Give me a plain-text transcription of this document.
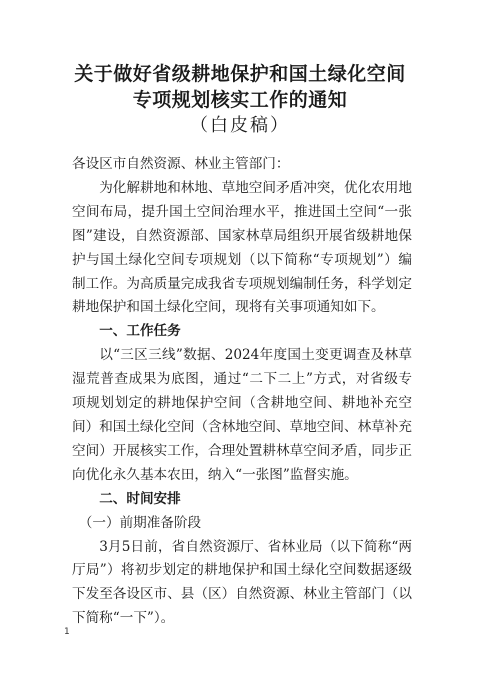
关于做好省级耕地保护和国土绿化空间
专项规划核实工作的通知
（白皮稿）

各设区市自然资源、林业主管部门：

为化解耕地和林地、草地空间矛盾冲突，优化农用地空间布局，提升国土空间治理水平，推进国土空间“一张图”建设，自然资源部、国家林草局组织开展省级耕地保护与国土绿化空间专项规划（以下简称“专项规划”）编制工作。为高质量完成我省专项规划编制任务，科学划定耕地保护和国土绿化空间，现将有关事项通知如下。

一、工作任务

以“三区三线”数据、2024年度国土变更调查及林草湿荒普查成果为底图，通过“二下二上”方式，对省级专项规划划定的耕地保护空间（含耕地空间、耕地补充空间）和国土绿化空间（含林地空间、草地空间、林草补充空间）开展核实工作，合理处置耕林草空间矛盾，同步正向优化永久基本农田，纳入“一张图”监督实施。

二、时间安排

（一）前期准备阶段

3月5日前，省自然资源厅、省林业局（以下简称“两厅局”）将初步划定的耕地保护和国土绿化空间数据逐级下发至各设区市、县（区）自然资源、林业主管部门（以下简称“一下”）。

1
